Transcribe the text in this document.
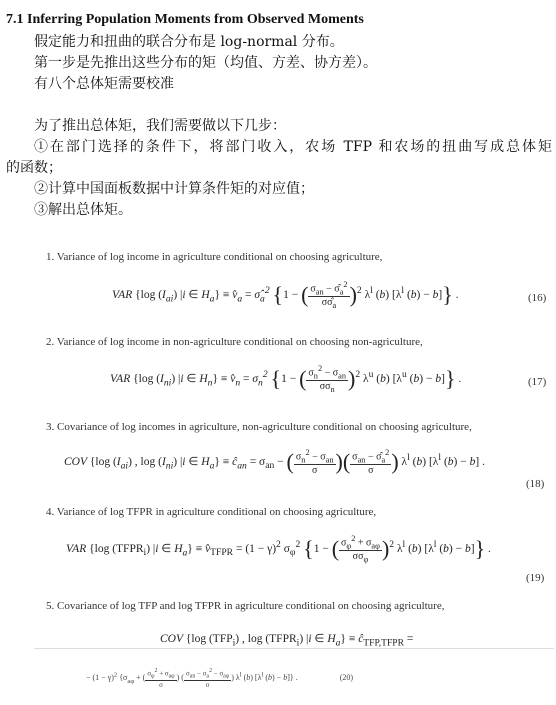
7.1 Inferring Population Moments from Observed Moments
假定能力和扭曲的联合分布是 log-normal 分布。
第一步是先推出这些分布的矩（均值、方差、协方差）。
有八个总体矩需要校准
为了推出总体矩，我们需要做以下几步：
①在部门选择的条件下，将部门收入，农场 TFP 和农场的扭曲写成总体矩
的函数；
②计算中国面板数据中计算条件矩的对应值；
③解出总体矩。
1. Variance of log income in agriculture conditional on choosing agriculture,
VAR {log $(I_{ai})$ |i ∈ $H_a$} ≡ $v̂_a$ = $\sigmâ_a^2$ {1 − ( $\frac{\sigma_{an} - \sigmâ_a^2}{\sigma\sigmâ_a} )^2$ $\lambda^l$ (b) [$\lambda^l$ (b) − b]} .	(16)
2. Variance of log income in non-agriculture conditional on choosing non-agriculture,
VAR {log $(I_{ni})$ |i ∈ $H_n$} ≡ $v̂_n = \sigma_n^2$ {1 − ( $\frac{\sigma_n^2 - \sigma_{an}}{\sigma\sigma_n} )^2$ $\lambda^u$ (b) [$\lambda^u$ (b) − b]} .	(17)
3. Covariance of log incomes in agriculture, non-agriculture conditional on choosing agriculture,
COV {log $(I_{ai})$ , $\log (I_{ni})$ |i ∈ $H_a$} ≡ $ĉ_{an} = \sigma_{an}$ − ( $\frac{\sigma_n^2 - \sigma_{an}}{\sigma}$ )( $\frac{\sigma_{an} - \sigmâ_a^2}{\sigma}$ ) $\lambda^l$ (b) [$\lambda^l$ (b) − b] .
(18)
4. Variance of log TFPR in agriculture conditional on choosing agriculture,
VAR {log $(TFPR_i)$ |i ∈ $H_a$} ≡ $v̂_{TFPR} = (1 - \gamma)^2$ $\sigma_\varphi^2$ {1 − ( $\frac{\sigma_\varphi^2 + \sigma_{a\varphi}}{\sigma\sigma_\varphi} )^2$ $\lambda^l$ (b) [$\lambda^l$ (b) − b]} .
(19)
5. Covariance of log TFP and log TFPR in agriculture conditional on choosing agriculture,
COV {log $(TFP_i)$ , $\log (TFPR_i)$ |i ∈ $H_a$} ≡ $ĉ_{TFP,TFPR}$ =
− $(1 - \gamma)^2$ {$\sigma_{a\varphi}$ + ( $\frac{\sigma_\varphi^2 + \sigma_{a\varphi}}{\sigma}$ ) ( $\frac{\sigma_{an} - \sigma_a^2 - \sigma_{a\varphi}}{\sigma}$ ) $\lambda^l$ (b) [$\lambda^l$ (b) − b]} .	(20)
